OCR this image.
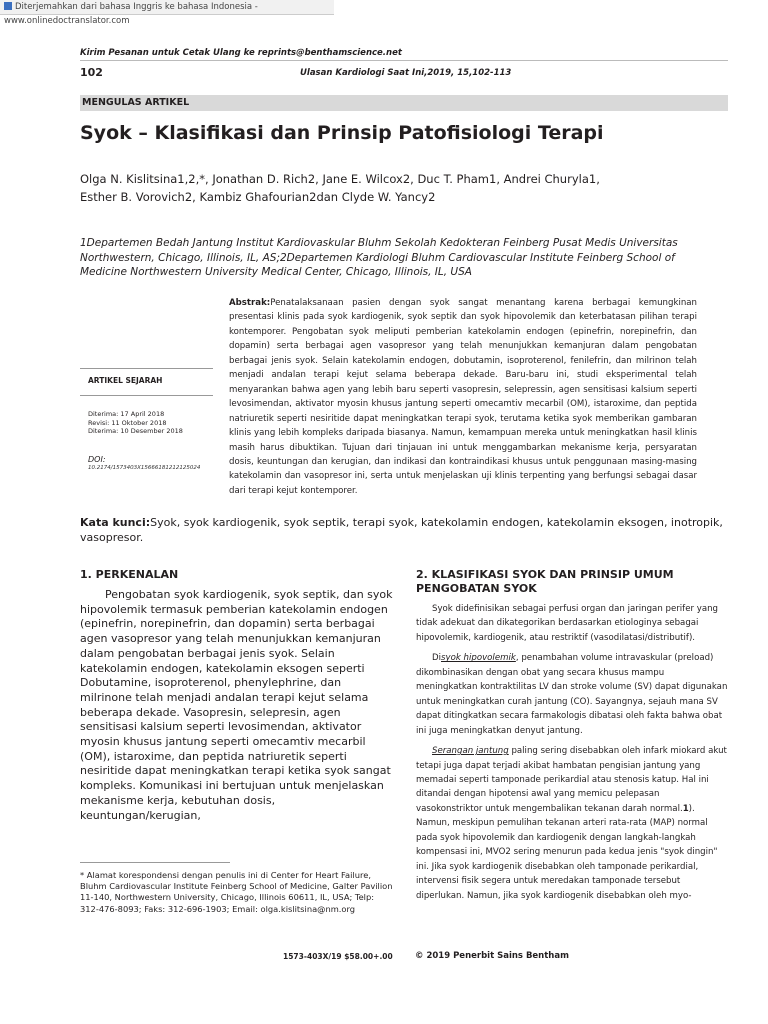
Diterjemahkan dari bahasa Inggris ke bahasa Indonesia - www.onlinedoctranslator.com
Kirim Pesanan untuk Cetak Ulang ke reprints@benthamscience.net
102	Ulasan Kardiologi Saat Ini,2019, 15,102-113
MENGULAS ARTIKEL
Syok – Klasifikasi dan Prinsip Patofisiologi Terapi
Olga N. Kislitsina1,2,*, Jonathan D. Rich2, Jane E. Wilcox2, Duc T. Pham1, Andrei Churyla1,
Esther B. Vorovich2, Kambiz Ghafourian2dan Clyde W. Yancy2
1Departemen Bedah Jantung Institut Kardiovaskular Bluhm Sekolah Kedokteran Feinberg Pusat Medis Universitas Northwestern, Chicago, Illinois, IL, AS;2Departemen Kardiologi Bluhm Cardiovascular Institute Feinberg School of Medicine Northwestern University Medical Center, Chicago, Illinois, IL, USA
Abstrak:Penatalaksanaan pasien dengan syok sangat menantang karena berbagai kemungkinan presentasi klinis pada syok kardiogenik, syok septik dan syok hipovolemik dan keterbatasan pilihan terapi kontemporer. Pengobatan syok meliputi pemberian katekolamin endogen (epinefrin, norepinefrin, dan dopamin) serta berbagai agen vasopresor yang telah menunjukkan kemanjuran dalam pengobatan berbagai jenis syok. Selain katekolamin endogen, dobutamin, isoproterenol, fenilefrin, dan milrinon telah menjadi andalan terapi kejut selama beberapa dekade. Baru-baru ini, studi eksperimental telah menyarankan bahwa agen yang lebih baru seperti vasopresin, selepressin, agen sensitisasi kalsium seperti levosimendan, aktivator myosin khusus jantung seperti omecamtiv mecarbil (OM), istaroxime, dan peptida natriuretik seperti nesiritide dapat meningkatkan terapi syok, terutama ketika syok memberikan gambaran klinis yang lebih kompleks daripada biasanya. Namun, kemampuan mereka untuk meningkatkan hasil klinis masih harus dibuktikan. Tujuan dari tinjauan ini untuk menggambarkan mekanisme kerja, persyaratan dosis, keuntungan dan kerugian, dan indikasi dan kontraindikasi khusus untuk penggunaan masing-masing katekolamin dan vasopresor ini, serta untuk menjelaskan uji klinis terpenting yang berfungsi sebagai dasar dari terapi kejut kontemporer.
ARTIKEL SEJARAH
Diterima: 17 April 2018
Revisi: 11 Oktober 2018
Diterima: 10 Desember 2018
DOI:
10.2174/1573403X15666181212125024
Kata kunci:Syok, syok kardiogenik, syok septik, terapi syok, katekolamin endogen, katekolamin eksogen, inotropik, vasopresor.
1. PERKENALAN

Pengobatan syok kardiogenik, syok septik, dan syok hipovolemik termasuk pemberian katekolamin endogen (epinefrin, norepinefrin, dan dopamin) serta berbagai agen vasopresor yang telah menunjukkan kemanjuran dalam pengobatan berbagai jenis syok. Selain katekolamin endogen, katekolamin eksogen seperti Dobutamine, isoproterenol, phenylephrine, dan milrinone telah menjadi andalan terapi kejut selama beberapa dekade. Vasopresin, selepresin, agen sensitisasi kalsium seperti levosimendan, aktivator myosin khusus jantung seperti omecamtiv mecarbil (OM), istaroxime, dan peptida natriuretik seperti nesiritide dapat meningkatkan terapi ketika syok sangat kompleks. Komunikasi ini bertujuan untuk menjelaskan mekanisme kerja, kebutuhan dosis, keuntungan/kerugian,

2. KLASIFIKASI SYOK DAN PRINSIP UMUM PENGOBATAN SYOK

Syok didefinisikan sebagai perfusi organ dan jaringan perifer yang tidak adekuat dan dikategorikan berdasarkan etiologinya sebagai hipovolemik, kardiogenik, atau restriktif (vasodilatasi/distributif).

Disyok hipovolemik, penambahan volume intravaskular (preload) dikombinasikan dengan obat yang secara khusus mampu meningkatkan kontraktilitas LV dan stroke volume (SV) dapat digunakan untuk meningkatkan curah jantung (CO). Sayangnya, sejauh mana SV dapat ditingkatkan secara farmakologis dibatasi oleh fakta bahwa obat ini juga meningkatkan denyut jantung.

Serangan jantung paling sering disebabkan oleh infark miokard akut tetapi juga dapat terjadi akibat hambatan pengisian jantung yang memadai seperti tamponade perikardial atau stenosis katup. Hal ini ditandai dengan hipotensi awal yang memicu pelepasan vasokonstriktor untuk mengembalikan tekanan darah normal.1). Namun, meskipun pemulihan tekanan arteri rata-rata (MAP) normal pada syok hipovolemik dan kardiogenik dengan langkah-langkah kompensasi ini, MVO2 sering menurun pada kedua jenis "syok dingin" ini. Jika syok kardiogenik disebabkan oleh tamponade perikardial, intervensi fisik segera untuk meredakan tamponade tersebut diperlukan. Namun, jika syok kardiogenik disebabkan oleh myo-

* Alamat korespondensi dengan penulis ini di Center for Heart Failure, Bluhm Cardiovascular Institute Feinberg School of Medicine, Galter Pavilion 11-140, Northwestern University, Chicago, Illinois 60611, IL, USA; Telp: 312-476-8093; Faks: 312-696-1903; Email: olga.kislitsina@nm.org
1573-403X/19 $58.00+.00	© 2019 Penerbit Sains Bentham
